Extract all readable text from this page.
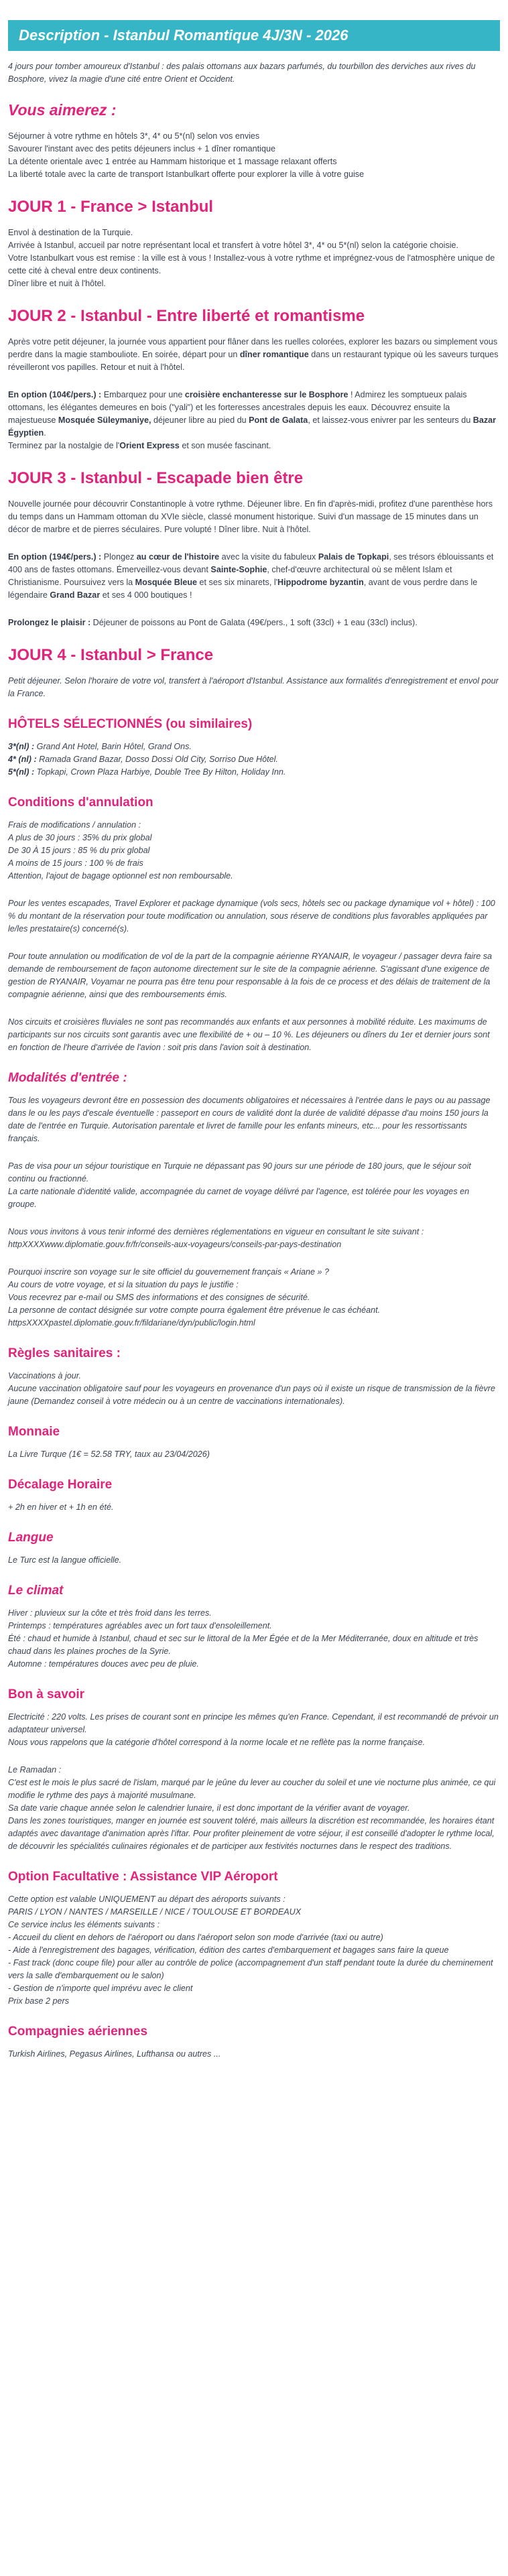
Description - Istanbul Romantique 4J/3N - 2026

4 jours pour tomber amoureux d'Istanbul : des palais ottomans aux bazars parfumés, du tourbillon des derviches aux rives du Bosphore, vivez la magie d'une cité entre Orient et Occident.

Vous aimerez :
Séjourner à votre rythme en hôtels 3*, 4* ou 5*(nl) selon vos envies
Savourer l'instant avec des petits déjeuners inclus + 1 dîner romantique
La détente orientale avec 1 entrée au Hammam historique et 1 massage relaxant offerts
La liberté totale avec la carte de transport Istanbulkart offerte pour explorer la ville à votre guise
JOUR 1 - France > Istanbul
Envol à destination de la Turquie.
Arrivée à Istanbul, accueil par notre représentant local et transfert à votre hôtel 3*, 4* ou 5*(nl) selon la catégorie choisie.
Votre Istanbulkart vous est remise : la ville est à vous ! Installez-vous à votre rythme et imprégnez-vous de l'atmosphère unique de cette cité à cheval entre deux continents.
Dîner libre et nuit à l'hôtel.
JOUR 2 - Istanbul - Entre liberté et romantisme

Après votre petit déjeuner, la journée vous appartient pour flâner dans les ruelles colorées, explorer les bazars ou simplement vous perdre dans la magie stambouliote. En soirée, départ pour un dîner romantique dans un restaurant typique où les saveurs turques réveilleront vos papilles. Retour et nuit à l'hôtel.

En option (104€/pers.) : Embarquez pour une croisière enchanteresse sur le Bosphore ! Admirez les somptueux palais ottomans, les élégantes demeures en bois ("yali") et les forteresses ancestrales depuis les eaux. Découvrez ensuite la majestueuse Mosquée Süleymaniye, déjeuner libre au pied du Pont de Galata, et laissez-vous enivrer par les senteurs du Bazar Égyptien.
Terminez par la nostalgie de l'Orient Express et son musée fascinant.

JOUR 3 - Istanbul - Escapade bien être

Nouvelle journée pour découvrir Constantinople à votre rythme. Déjeuner libre. En fin d'après-midi, profitez d'une parenthèse hors du temps dans un Hammam ottoman du XVIe siècle, classé monument historique. Suivi d'un massage de 15 minutes dans un décor de marbre et de pierres séculaires. Pure volupté ! Dîner libre. Nuit à l'hôtel.

En option (194€/pers.) : Plongez au cœur de l'histoire avec la visite du fabuleux Palais de Topkapi, ses trésors éblouissants et 400 ans de fastes ottomans. Émerveillez-vous devant Sainte-Sophie, chef-d'œuvre architectural où se mêlent Islam et Christianisme. Poursuivez vers la Mosquée Bleue et ses six minarets, l'Hippodrome byzantin, avant de vous perdre dans le légendaire Grand Bazar et ses 4 000 boutiques !

Prolongez le plaisir : Déjeuner de poissons au Pont de Galata (49€/pers., 1 soft (33cl) + 1 eau (33cl) inclus).

JOUR 4 - Istanbul > France

Petit déjeuner. Selon l'horaire de votre vol, transfert à l'aéroport d'Istanbul. Assistance aux formalités d'enregistrement et envol pour la France.

HÔTELS SÉLECTIONNÉS (ou similaires)
3*(nl) : Grand Ant Hotel, Barin Hôtel, Grand Ons.
4* (nl) : Ramada Grand Bazar, Dosso Dossi Old City, Sorriso Due Hôtel.
5*(nl) : Topkapi, Crown Plaza Harbiye, Double Tree By Hilton, Holiday Inn.
Conditions d'annulation
Frais de modifications / annulation :
A plus de 30 jours : 35% du prix global
De 30 À 15 jours : 85 % du prix global
A moins de 15 jours : 100 % de frais
Attention, l'ajout de bagage optionnel est non remboursable.

Pour les ventes escapades, Travel Explorer et package dynamique (vols secs, hôtels sec ou package dynamique vol + hôtel) : 100 % du montant de la réservation pour toute modification ou annulation, sous réserve de conditions plus favorables appliquées par le/les prestataire(s) concerné(s).

Pour toute annulation ou modification de vol de la part de la compagnie aérienne RYANAIR, le voyageur / passager devra faire sa demande de remboursement de façon autonome directement sur le site de la compagnie aérienne. S'agissant d'une exigence de gestion de RYANAIR, Voyamar ne pourra pas être tenu pour responsable à la fois de ce process et des délais de traitement de la compagnie aérienne, ainsi que des remboursements émis.

Nos circuits et croisières fluviales ne sont pas recommandés aux enfants et aux personnes à mobilité réduite. Les maximums de participants sur nos circuits sont garantis avec une flexibilité de + ou – 10 %. Les déjeuners ou dîners du 1er et dernier jours sont en fonction de l'heure d'arrivée de l'avion : soit pris dans l'avion soit à destination.

Modalités d'entrée :

Tous les voyageurs devront être en possession des documents obligatoires et nécessaires à l'entrée dans le pays ou au passage dans le ou les pays d'escale éventuelle : passeport en cours de validité dont la durée de validité dépasse d'au moins 150 jours la date de l'entrée en Turquie. Autorisation parentale et livret de famille pour les enfants mineurs, etc... pour les ressortissants français.

Pas de visa pour un séjour touristique en Turquie ne dépassant pas 90 jours sur une période de 180 jours, que le séjour soit continu ou fractionné.
La carte nationale d'identité valide, accompagnée du carnet de voyage délivré par l'agence, est tolérée pour les voyages en groupe.

Nous vous invitons à vous tenir informé des dernières réglementations en vigueur en consultant le site suivant : httpXXXXwww.diplomatie.gouv.fr/fr/conseils-aux-voyageurs/conseils-par-pays-destination

Pourquoi inscrire son voyage sur le site officiel du gouvernement français « Ariane » ?
Au cours de votre voyage, et si la situation du pays le justifie :
Vous recevrez par e-mail ou SMS des informations et des consignes de sécurité.
La personne de contact désignée sur votre compte pourra également être prévenue le cas échéant.
httpsXXXXpastel.diplomatie.gouv.fr/fildariane/dyn/public/login.html

Règles sanitaires :

Vaccinations à jour.
Aucune vaccination obligatoire sauf pour les voyageurs en provenance d'un pays où il existe un risque de transmission de la fièvre jaune (Demandez conseil à votre médecin ou à un centre de vaccinations internationales).

Monnaie

La Livre Turque (1€ = 52.58 TRY, taux au 23/04/2026)

Décalage Horaire

+ 2h en hiver et + 1h en été.

Langue

Le Turc est la langue officielle.

Le climat

Hiver : pluvieux sur la côte et très froid dans les terres.
Printemps : températures agréables avec un fort taux d'ensoleillement.
Été : chaud et humide à Istanbul, chaud et sec sur le littoral de la Mer Égée et de la Mer Méditerranée, doux en altitude et très chaud dans les plaines proches de la Syrie.
Automne : températures douces avec peu de pluie.

Bon à savoir

Electricité : 220 volts. Les prises de courant sont en principe les mêmes qu'en France. Cependant, il est recommandé de prévoir un adaptateur universel.
Nous vous rappelons que la catégorie d'hôtel correspond à la norme locale et ne reflète pas la norme française.

Le Ramadan :
C'est est le mois le plus sacré de l'islam, marqué par le jeûne du lever au coucher du soleil et une vie nocturne plus animée, ce qui modifie le rythme des pays à majorité musulmane.
Sa date varie chaque année selon le calendrier lunaire, il est donc important de la vérifier avant de voyager.
Dans les zones touristiques, manger en journée est souvent toléré, mais ailleurs la discrétion est recommandée, les horaires étant adaptés avec davantage d'animation après l'iftar. Pour profiter pleinement de votre séjour, il est conseillé d'adopter le rythme local, de découvrir les spécialités culinaires régionales et de participer aux festivités nocturnes dans le respect des traditions.

Option Facultative : Assistance VIP Aéroport

Cette option est valable UNIQUEMENT au départ des aéroports suivants :
PARIS / LYON / NANTES / MARSEILLE / NICE / TOULOUSE ET BORDEAUX
Ce service inclus les éléments suivants :
- Accueil du client en dehors de l'aéroport ou dans l'aéroport selon son mode d'arrivée (taxi ou autre)
- Aide à l'enregistrement des bagages, vérification, édition des cartes d'embarquement et bagages sans faire la queue
- Fast track (donc coupe file) pour aller au contrôle de police (accompagnement d'un staff pendant toute la durée du cheminement vers la salle d'embarquement ou le salon)
- Gestion de n'importe quel imprévu avec le client
Prix base 2 pers

Compagnies aériennes

Turkish Airlines, Pegasus Airlines, Lufthansa ou autres ...
